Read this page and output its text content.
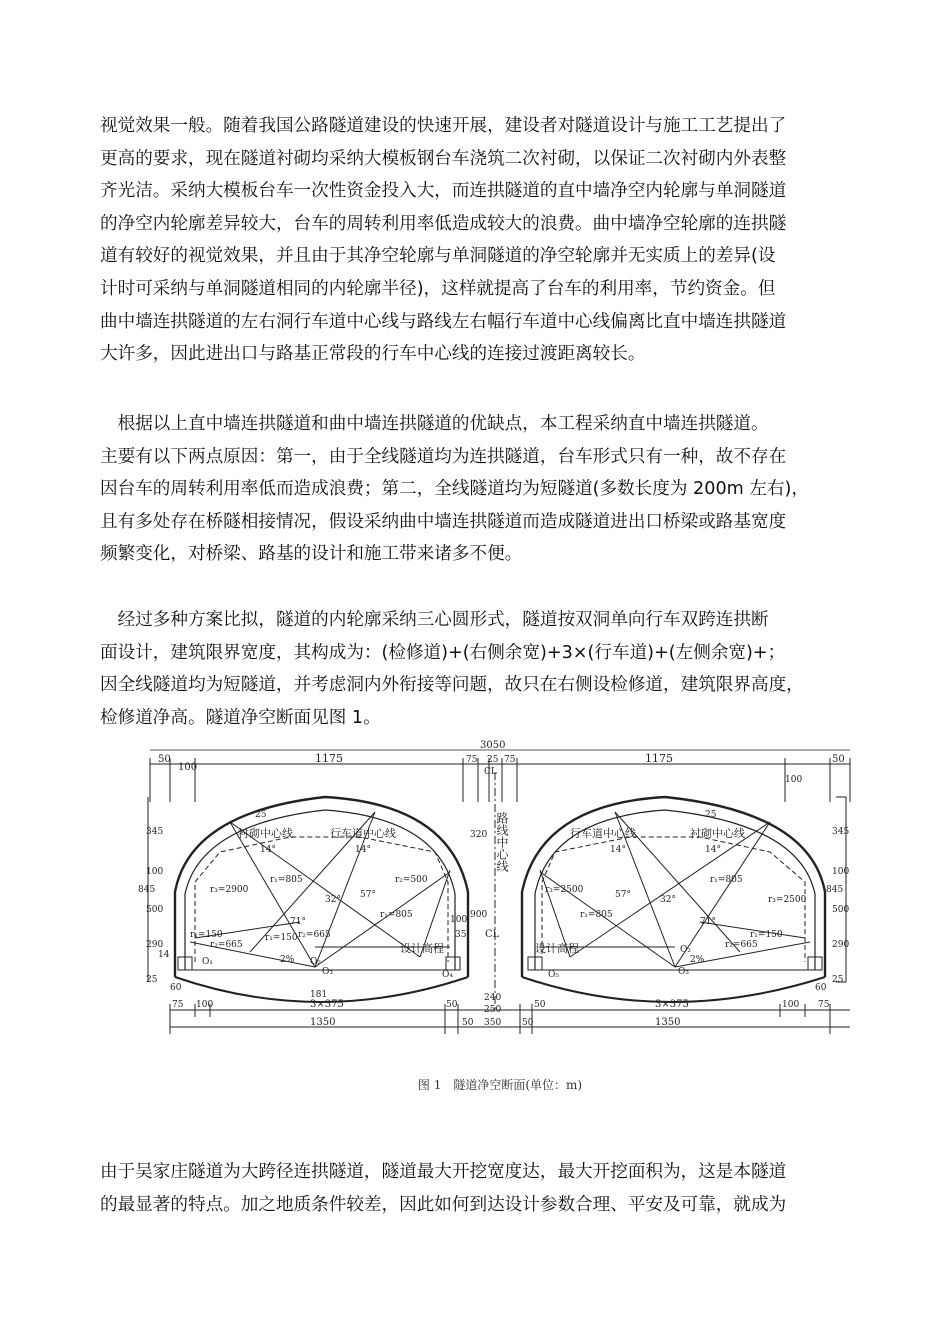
视觉效果一般。随着我国公路隧道建设的快速开展，建设者对隧道设计与施工工艺提出了
更高的要求，现在隧道衬砌均采纳大模板钢台车浇筑二次衬砌，以保证二次衬砌内外表整
齐光洁。采纳大模板台车一次性资金投入大，而连拱隧道的直中墙净空内轮廓与单洞隧道
的净空内轮廓差异较大，台车的周转利用率低造成较大的浪费。曲中墙净空轮廓的连拱隧
道有较好的视觉效果，并且由于其净空轮廓与单洞隧道的净空轮廓并无实质上的差异(设
计时可采纳与单洞隧道相同的内轮廓半径)，这样就提高了台车的利用率，节约资金。但
曲中墙连拱隧道的左右洞行车道中心线与路线左右幅行车道中心线偏离比直中墙连拱隧道
大许多，因此进出口与路基正常段的行车中心线的连接过渡距离较长。
　根据以上直中墙连拱隧道和曲中墙连拱隧道的优缺点，本工程采纳直中墙连拱隧道。
主要有以下两点原因：第一，由于全线隧道均为连拱隧道，台车形式只有一种，故不存在
因台车的周转利用率低而造成浪费；第二，全线隧道均为短隧道(多数长度为 200m 左右)，
且有多处存在桥隧相接情况，假设采纳曲中墙连拱隧道而造成隧道进出口桥梁或路基宽度
频繁变化，对桥梁、路基的设计和施工带来诸多不便。
　经过多种方案比拟，隧道的内轮廓采纳三心圆形式，隧道按双洞单向行车双跨连拱断
面设计，建筑限界宽度，其构成为：(检修道)+(右侧余宽)+3×(行车道)+(左侧余宽)+；
因全线隧道均为短隧道，并考虑洞内外衔接等问题，故只在右侧设检修道，建筑限界高度，
检修道净高。隧道净空断面见图 1。
50
100
1175
3050
75 25 75
CL
1175
100
50
路线中心线
CL
衬砌中心线	行车道中心线
设计高程
25
14°	14°
r₃=2900
r₁=150
r₁=805
r₁=805
r₂=500
57°
32°
71°
r₂=665
r₂=665
r₁=150
2%
O₁	O₂
O₃	O₄
181
35
100
320
900
14
60
345
100
500
290
25
845
75 100	3×375
1350
50
240
250
350
50	50
行车道中心线	衬砌中心线
设计高程
25
14°	14°
r₃=2500
r₁=805
r₁=805
57°	32°
71°
r₂=665
r₁=150
r₃=2500
2%
O₂
O₃
O₅
60
345
100
500
290
25
845
100 75
3×375
1350
50
图 1　隧道净空断面(单位：m)
由于吴家庄隧道为大跨径连拱隧道，隧道最大开挖宽度达，最大开挖面积为，这是本隧道
的最显著的特点。加之地质条件较差，因此如何到达设计参数合理、平安及可靠，就成为
